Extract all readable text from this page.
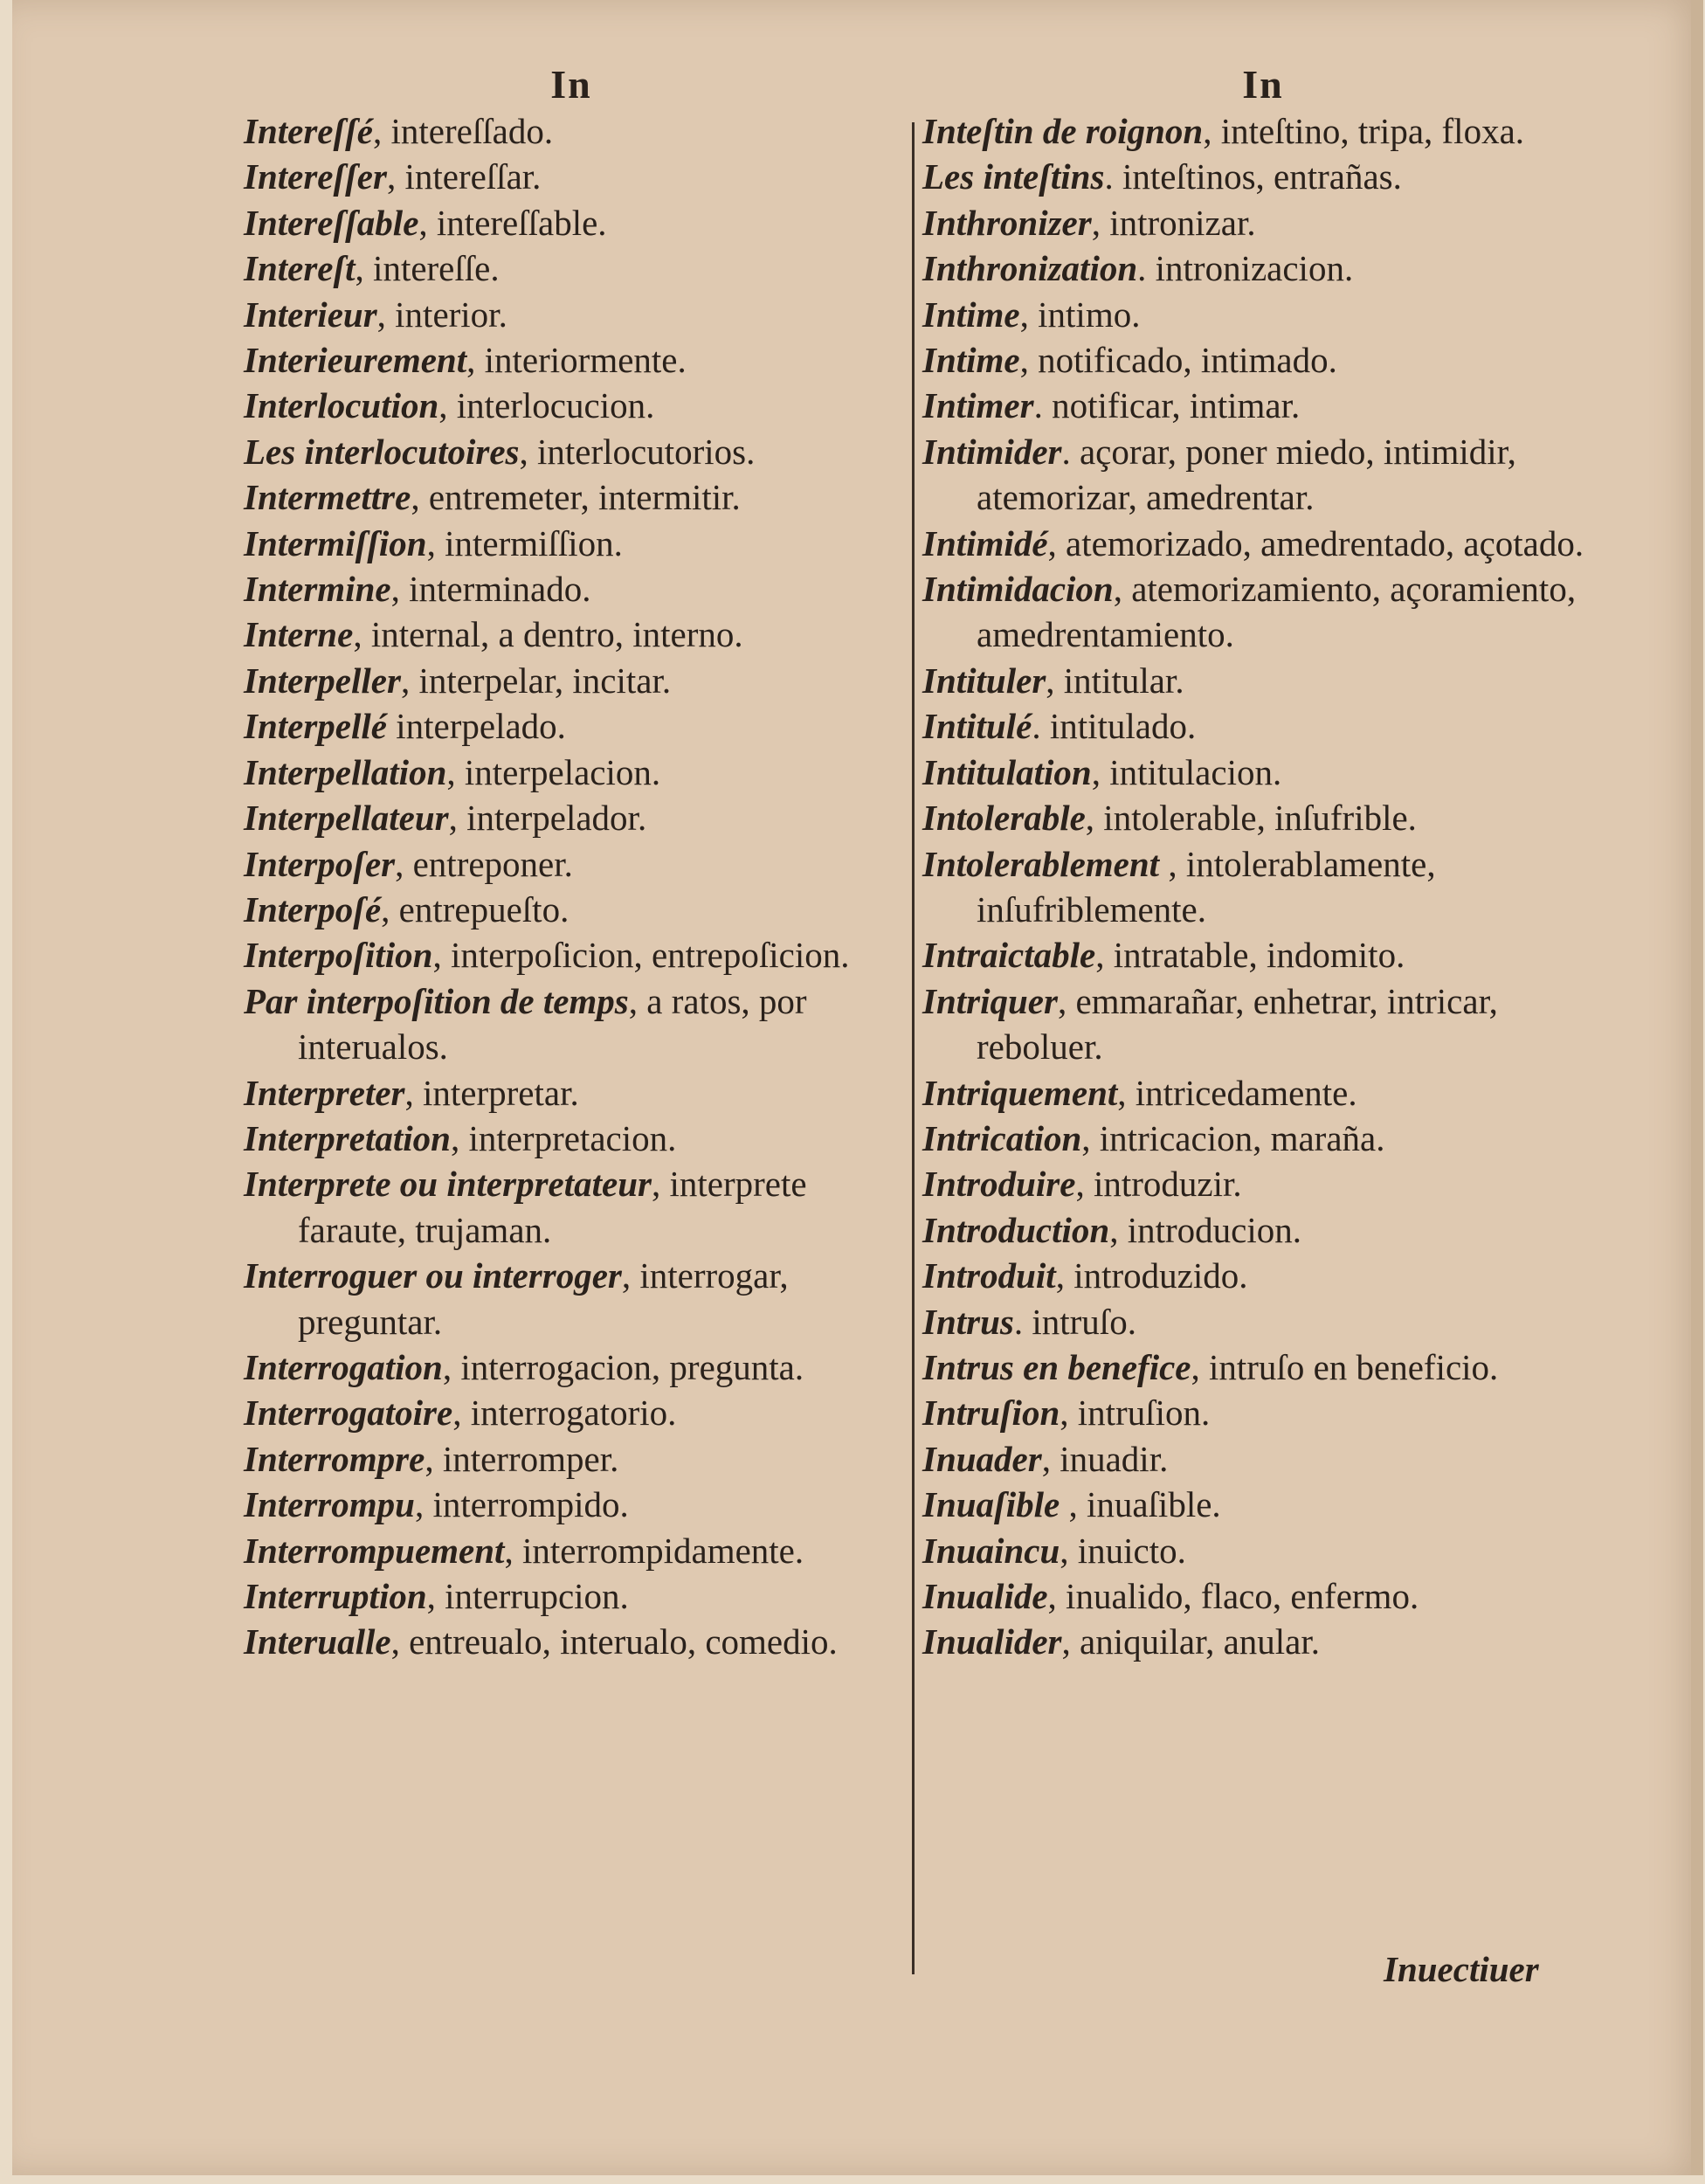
In
Intereſſé, intereſſado.
Intereſſer, intereſſar.
Intereſſable, intereſſable.
Intereſt, intereſſe.
Interieur, interior.
Interieurement, interiormente.
Interlocution, interlocucion.
Les interlocutoires, interlocutorios.
Intermettre, entremeter, intermitir.
Intermiſſion, intermiſſion.
Intermine, interminado.
Interne, internal, a dentro, interno.
Interpeller, interpelar, incitar.
Interpellé interpelado.
Interpellation, interpelacion.
Interpellateur, interpelador.
Interpoſer, entreponer.
Interpoſé, entrepueſto.
Interpoſition, interpoſicion, entrepoſicion.
Par interpoſition de temps, a ratos, por interualos.
Interpreter, interpretar.
Interpretation, interpretacion.
Interprete ou interpretateur, interprete faraute, trujaman.
Interroguer ou interroger, interrogar, preguntar.
Interrogation, interrogacion, pregunta.
Interrogatoire, interrogatorio.
Interrompre, interromper.
Interrompu, interrompido.
Interrompuement, interrompidamente.
Interruption, interrupcion.
Interualle, entreualo, interualo, comedio.
In
Inteſtin de roignon, inteſtino, tripa, floxa.
Les inteſtins. inteſtinos, entrañas.
Inthronizer, intronizar.
Inthronization. intronizacion.
Intime, intimo.
Intime, notificado, intimado.
Intimer. notificar, intimar.
Intimider. açorar, poner miedo, intimidir, atemorizar, amedrentar.
Intimidé, atemorizado, amedrentado, açotado.
Intimidacion, atemorizamiento, açoramiento, amedrentamiento.
Intituler, intitular.
Intitulé. intitulado.
Intitulation, intitulacion.
Intolerable, intolerable, inſufrible.
Intolerablement , intolerablamente, inſufriblemente.
Intraictable, intratable, indomito.
Intriquer, emmarañar, enhetrar, intricar, reboluer.
Intriquement, intricedamente.
Intrication, intricacion, maraña.
Introduire, introduzir.
Introduction, introducion.
Introduit, introduzido.
Intrus. intruſo.
Intrus en benefice, intruſo en beneficio.
Intruſion, intruſion.
Inuader, inuadir.
Inuaſible , inuaſible.
Inuaincu, inuicto.
Inualide, inualido, flaco, enfermo.
Inualider, aniquilar, anular.
Inuectiuer
